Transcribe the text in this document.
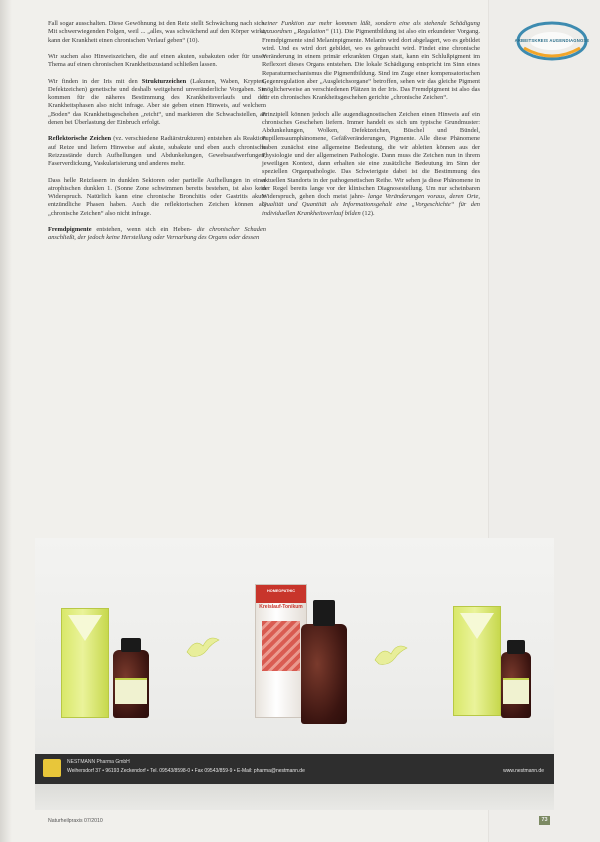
ARBEITSKREIS AUGENDIAGNOSE

Fall sogar ausschalten. Diese Gewöhnung ist den Reiz stellt Schwächung nach sich. Mit schwerwiegenden Folgen, weil ... „alles, was schwächend auf den Körper wirkt, kann der Krankheit einen chronischen Verlauf geben“ (10).

Wir suchen also Hinweiszeichen, die auf einen akuten, subakuten oder für unser Thema auf einen chronischen Krankheitszustand schließen lassen.

Wir finden in der Iris mit den Strukturzeichen (Lakunen, Waben, Krypten, Defektzeichen) genetische und deshalb weitgehend unveränderliche Vorgaben. Sie kommen für die näheres Bestimmung des Krankheitsverlaufs und der Krankheitsphasen also nicht infrage. Aber sie geben einen Hinweis, auf welchem „Boden“ das Krankheitsgeschehen „reicht“, und markieren die Schwachstellen, an denen bei Überlastung der Einbruch erfolgt.

Reflektorische Zeichen (vz. verschiedene Radiärstrukturen) entstehen als Reaktion auf Reize und liefern Hinweise auf akute, subakute und eben auch chronische Reizzustände durch Aufhellungen und Abdunkelungen, Gewebsaufwerfungen, Faserverdickung, Vaskularisierung und anderes mehr.

Dass helle Reizfasern in dunklen Sektoren oder partielle Aufhellungen in einer atrophischen dunklen 1. (Sonne Zone schwimmen bereits bestehen, ist also kein Widerspruch. Natürlich kann eine chronische Bronchitis oder Gastritis akute entzündliche Phasen haben. Auch die reflektorischen Zeichen können als „chronische Zeichen“ also nicht infrage.

Fremdpigmente entstehen, wenn sich ein Heben- die chronischer Schaden anschließt, der jedoch keine Herstellung oder Vernarbung des Organs oder dessen

seiner Funktion zur mehr kommen läßt, sondern eine als stehende Schädigung anzuordnen „Regulation“ (11). Die Pigmentbildung ist also ein erkundeter Vorgang. Fremdpigmente sind Melaninpigmente. Melanin wird dort abgelagert, wo es gebildet wird. Und es wird dort gebildet, wo es gebraucht wird. Findet eine chronische Veränderung in einem primär erkrankten Organ statt, kann ein Schlußpigment im Reflexort dieses Organs entstehen. Die lokale Schädigung entspricht im Sinn eines Reparaturmechanismus die Pigmentbildung. Sind im Zuge einer kompensatorischen Gegenregulation aber „Ausgleichsorgane“ betroffen, sehen wir das gleiche Pigment möglicherweise an verschiedenen Plätzen in der Iris. Das Fremdpigment ist also das für ein chronisches Krankheitsgeschehen gerichte „chronische Zeichen“.

Prinzipiell können jedoch alle augendiagnostischen Zeichen einen Hinweis auf ein chronisches Geschehen liefern. Immer handelt es sich um typische Grundmuster: Abdunkelungen, Wolken, Defektzeichen, Büschel und Bündel, Pupillensaumphänomene, Gefäßveränderungen, Pigmente. Alle diese Phänomene haben zunächst eine allgemeine Bedeutung, die wir ableiten können aus der Physiologie und der allgemeinen Pathologie. Dann muss die Zeichen nun in ihrem jeweiligen Kontext, dann erhalten sie eine zusätzliche Bedeutung im Sinn der speziellen Organpathologie. Das Schwierigste dabei ist die Bestimmung des aktuellen Standorts in der pathogenetischen Reihe. Wir sehen ja diese Phänomene in der Regel bereits lange vor der klinischen Diagnosestellung. Um nur scheinbaren Widerspruch, gehen doch meist jahre- lange Veränderungen voraus, deren Orte, Qualität und Quantität als Informationsgehalt eine „Vorgeschichte“ für den individuellen Krankheitsverlauf bilden (12).

HOMEOPATHIC
Kreislauf-Tonikum
NESTMANN Pharma GmbH
Weihersdorf 37 • 96193 Zeckendorf • Tel. 09543/8598-0 • Fax 09543/859-9 • E-Mail: pharma@nestmann.de	www.nestmann.de
Naturheilpraxis 07/2010	73
